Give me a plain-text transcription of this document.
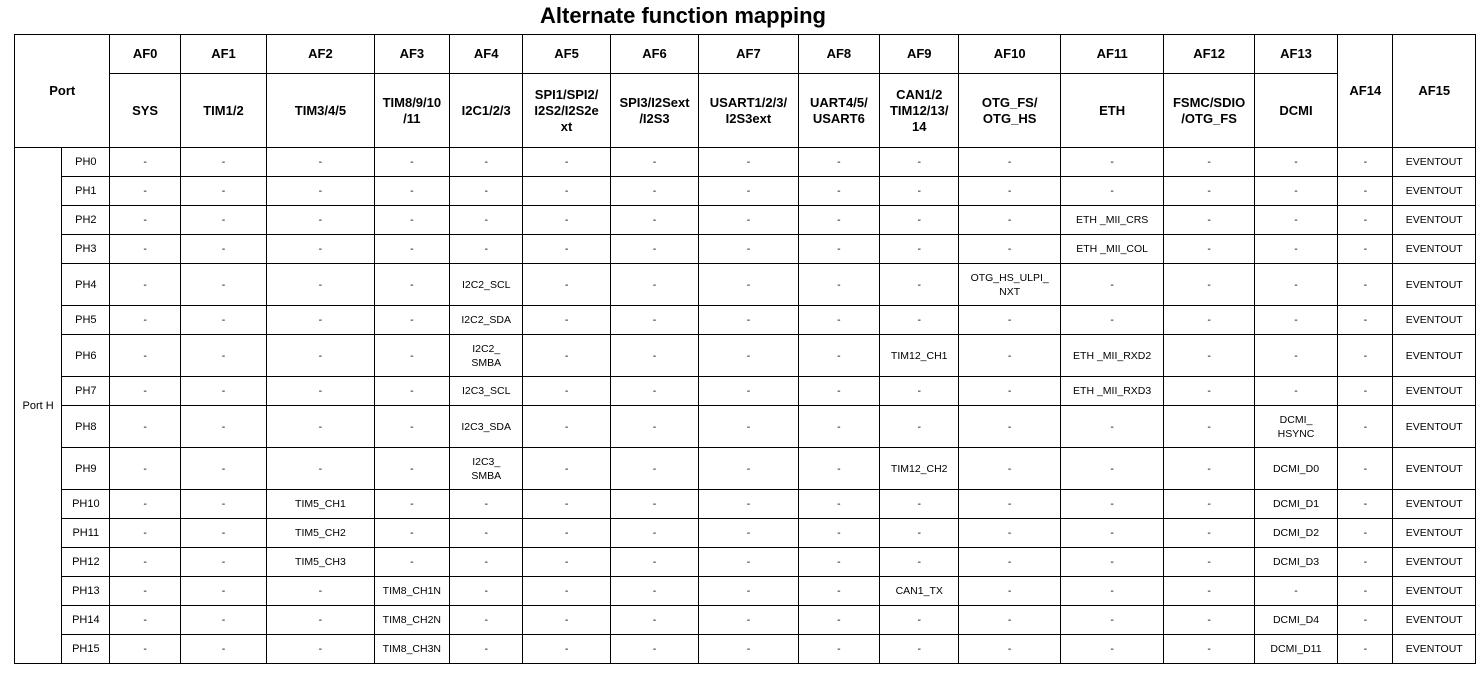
Alternate function mapping
Port		AF0	AF1	AF2	AF3	AF4	AF5	AF6	AF7	AF8	AF9	AF10	AF11	AF12	AF13	AF14	AF15
		SYS	TIM1/2	TIM3/4/5	TIM8/9/10
/11	I2C1/2/3	SPI1/SPI2/
I2S2/I2S2e
xt	SPI3/I2Sext
/I2S3	USART1/2/3/
I2S3ext	UART4/5/
USART6	CAN1/2
TIM12/13/
14	OTG_FS/
OTG_HS	ETH	FSMC/SDIO
/OTG_FS	DCMI		
Port H	PH0	-	-	-	-	-	-	-	-	-	-	-	-	-	-	-	EVENTOUT
	PH1	-	-	-	-	-	-	-	-	-	-	-	-	-	-	-	EVENTOUT
	PH2	-	-	-	-	-	-	-	-	-	-	-	ETH _MII_CRS	-	-	-	EVENTOUT
	PH3	-	-	-	-	-	-	-	-	-	-	-	ETH _MII_COL	-	-	-	EVENTOUT
	PH4	-	-	-	-	I2C2_SCL	-	-	-	-	-	OTG_HS_ULPI_
NXT	-	-	-	-	EVENTOUT
	PH5	-	-	-	-	I2C2_SDA	-	-	-	-	-	-	-	-	-	-	EVENTOUT
	PH6	-	-	-	-	I2C2_
SMBA	-	-	-	-	TIM12_CH1	-	ETH _MII_RXD2	-	-	-	EVENTOUT
	PH7	-	-	-	-	I2C3_SCL	-	-	-	-	-	-	ETH _MII_RXD3	-	-	-	EVENTOUT
	PH8	-	-	-	-	I2C3_SDA	-	-	-	-	-	-	-	-	DCMI_
HSYNC	-	EVENTOUT
	PH9	-	-	-	-	I2C3_
SMBA	-	-	-	-	TIM12_CH2	-	-	-	DCMI_D0	-	EVENTOUT
	PH10	-	-	TIM5_CH1	-	-	-	-	-	-	-	-	-	-	DCMI_D1	-	EVENTOUT
	PH11	-	-	TIM5_CH2	-	-	-	-	-	-	-	-	-	-	DCMI_D2	-	EVENTOUT
	PH12	-	-	TIM5_CH3	-	-	-	-	-	-	-	-	-	-	DCMI_D3	-	EVENTOUT
	PH13	-	-	-	TIM8_CH1N	-	-	-	-	-	CAN1_TX	-	-	-	-	-	EVENTOUT
	PH14	-	-	-	TIM8_CH2N	-	-	-	-	-	-	-	-	-	DCMI_D4	-	EVENTOUT
	PH15	-	-	-	TIM8_CH3N	-	-	-	-	-	-	-	-	-	DCMI_D11	-	EVENTOUT
